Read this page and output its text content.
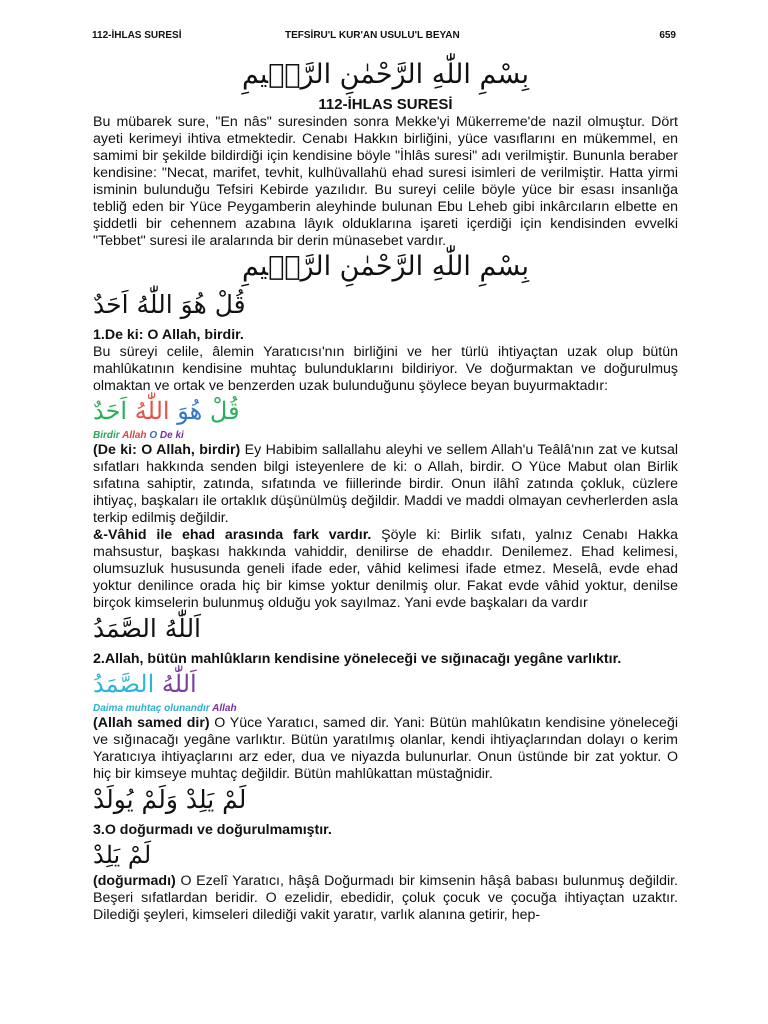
112-İHLAS SURESİ	TEFSİRU'L KUR'AN USULU'L BEYAN	659
بِسْمِ اللّٰهِ الرَّحْمٰنِ الرَّح۪يمِ
112-İHLAS SURESİ

Bu mübarek sure, "En nâs" suresinden sonra Mekke'yi Mükerreme'de nazil olmuştur. Dört ayeti kerimeyi ihtiva etmektedir. Cenabı Hakkın birliğini, yüce vasıflarını en mükemmel, en samimi bir şekilde bildirdiği için kendisine böyle "İhlâs suresi" adı verilmiştir. Bununla beraber kendisine: "Necat, marifet, tevhit, kulhüvallahü ehad suresi isimleri de verilmiştir. Hatta yirmi isminin bulunduğu Tefsiri Kebirde yazılıdır. Bu sureyi celile böyle yüce bir esası insanlığa tebliğ eden bir Yüce Peygamberin aleyhinde bulunan Ebu Leheb gibi inkârcıların elbette en şiddetli bir cehennem azabına lâyık olduklarına işareti içerdiği için kendisinden evvelki "Tebbet" suresi ile aralarında bir derin münasebet vardır.

بِسْمِ اللّٰهِ الرَّحْمٰنِ الرَّح۪يمِ
قُلْ هُوَ اللّٰهُ اَحَدٌ
1.De ki: O Allah, birdir.

Bu süreyi celile, âlemin Yaratıcısı'nın birliğini ve her türlü ihtiyaçtan uzak olup bütün mahlûkatının kendisine muhtaç bulunduklarını bildiriyor. Ve doğurmaktan ve doğurulmuş olmaktan ve ortak ve benzerden uzak bulunduğunu şöylece beyan buyurmaktadır:

قُلْ هُوَ اللّٰهُ اَحَدٌ
Birdir Allah O De ki

(De ki: O Allah, birdir) Ey Habibim sallallahu aleyhi ve sellem Allah'u Teâlâ'nın zat ve kutsal sıfatları hakkında senden bilgi isteyenlere de ki: o Allah, birdir. O Yüce Mabut olan Birlik sıfatına sahiptir, zatında, sıfatında ve fiillerinde birdir. Onun ilâhî zatında çokluk, cüzlere ihtiyaç, başkaları ile ortaklık düşünülmüş değildir. Maddi ve maddi olmayan cevherlerden asla terkip edilmiş değildir.

&-Vâhid ile ehad arasında fark vardır. Şöyle ki: Birlik sıfatı, yalnız Cenabı Hakka mahsustur, başkası hakkında vahiddir, denilirse de ehaddır. Denilemez. Ehad kelimesi, olumsuzluk hususunda geneli ifade eder, vâhid kelimesi ifade etmez. Meselâ, evde ehad yoktur denilince orada hiç bir kimse yoktur denilmiş olur. Fakat evde vâhid yoktur, denilse birçok kimselerin bulunmuş olduğu yok sayılmaz. Yani evde başkaları da vardır

اَللّٰهُ الصَّمَدُ
2.Allah, bütün mahlûkların kendisine yöneleceği ve sığınacağı yegâne varlıktır.
اَللّٰهُ الصَّمَدُ
Daima muhtaç olunandır Allah

(Allah samed dir) O Yüce Yaratıcı, samed dir. Yani: Bütün mahlûkatın kendisine yöneleceği ve sığınacağı yegâne varlıktır. Bütün yaratılmış olanlar, kendi ihtiyaçlarından dolayı o kerim Yaratıcıya ihtiyaçlarını arz eder, dua ve niyazda bulunurlar. Onun üstünde bir zat yoktur. O hiç bir kimseye muhtaç değildir. Bütün mahlûkattan müstağnidir.

لَمْ يَلِدْ وَلَمْ يُولَدْ
3.O doğurmadı ve doğurulmamıştır.
لَمْ يَلِدْ

(doğurmadı) O Ezelî Yaratıcı, hâşâ Doğurmadı bir kimsenin hâşâ babası bulunmuş değildir. Beşeri sıfatlardan beridir. O ezelidir, ebedidir, çoluk çocuk ve çocuğa ihtiyaçtan uzaktır. Dilediği şeyleri, kimseleri dilediği vakit yaratır, varlık alanına getirir, hep-
